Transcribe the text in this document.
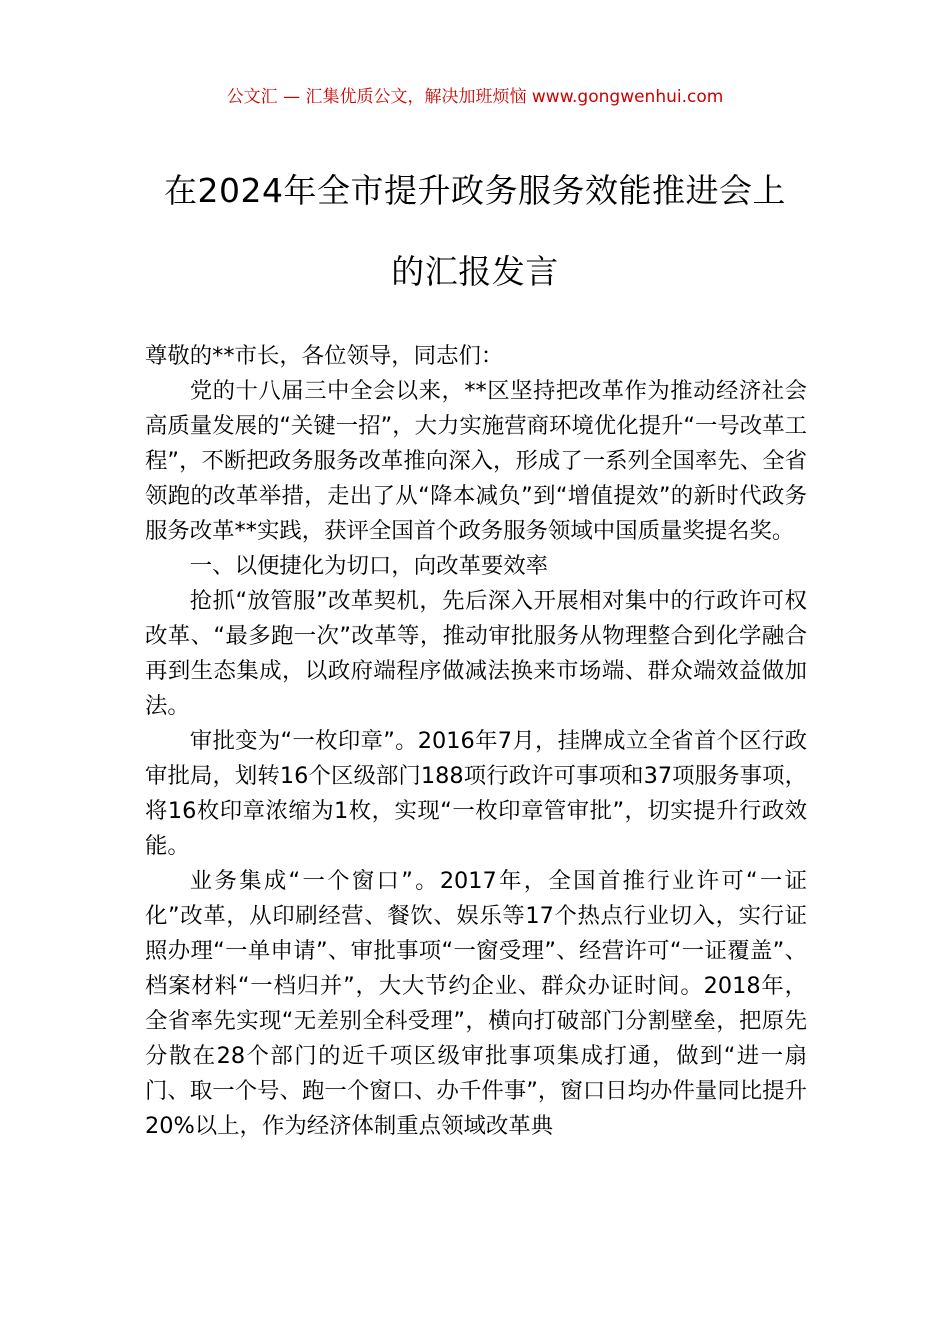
公文汇 — 汇集优质公文，解决加班烦恼 www.gongwenhui.com
在2024年全市提升政务服务效能推进会上
的汇报发言
尊敬的**市长，各位领导，同志们：
党的十八届三中全会以来，**区坚持把改革作为推动经济社会高质量发展的“关键一招”，大力实施营商环境优化提升“一号改革工程”，不断把政务服务改革推向深入，形成了一系列全国率先、全省领跑的改革举措，走出了从“降本减负”到“增值提效”的新时代政务服务改革**实践，获评全国首个政务服务领域中国质量奖提名奖。
一、以便捷化为切口，向改革要效率
抢抓“放管服”改革契机，先后深入开展相对集中的行政许可权改革、“最多跑一次”改革等，推动审批服务从物理整合到化学融合再到生态集成，以政府端程序做减法换来市场端、群众端效益做加法。
审批变为“一枚印章”。2016年7月，挂牌成立全省首个区行政审批局，划转16个区级部门188项行政许可事项和37项服务事项，将16枚印章浓缩为1枚，实现“一枚印章管审批”，切实提升行政效能。
业务集成“一个窗口”。2017年，全国首推行业许可“一证化”改革，从印刷经营、餐饮、娱乐等17个热点行业切入，实行证照办理“一单申请”、审批事项“一窗受理”、经营许可“一证覆盖”、档案材料“一档归并”，大大节约企业、群众办证时间。2018年，全省率先实现“无差别全科受理”，横向打破部门分割壁垒，把原先分散在28个部门的近千项区级审批事项集成打通，做到“进一扇门、取一个号、跑一个窗口、办千件事”，窗口日均办件量同比提升20%以上，作为经济体制重点领域改革典
